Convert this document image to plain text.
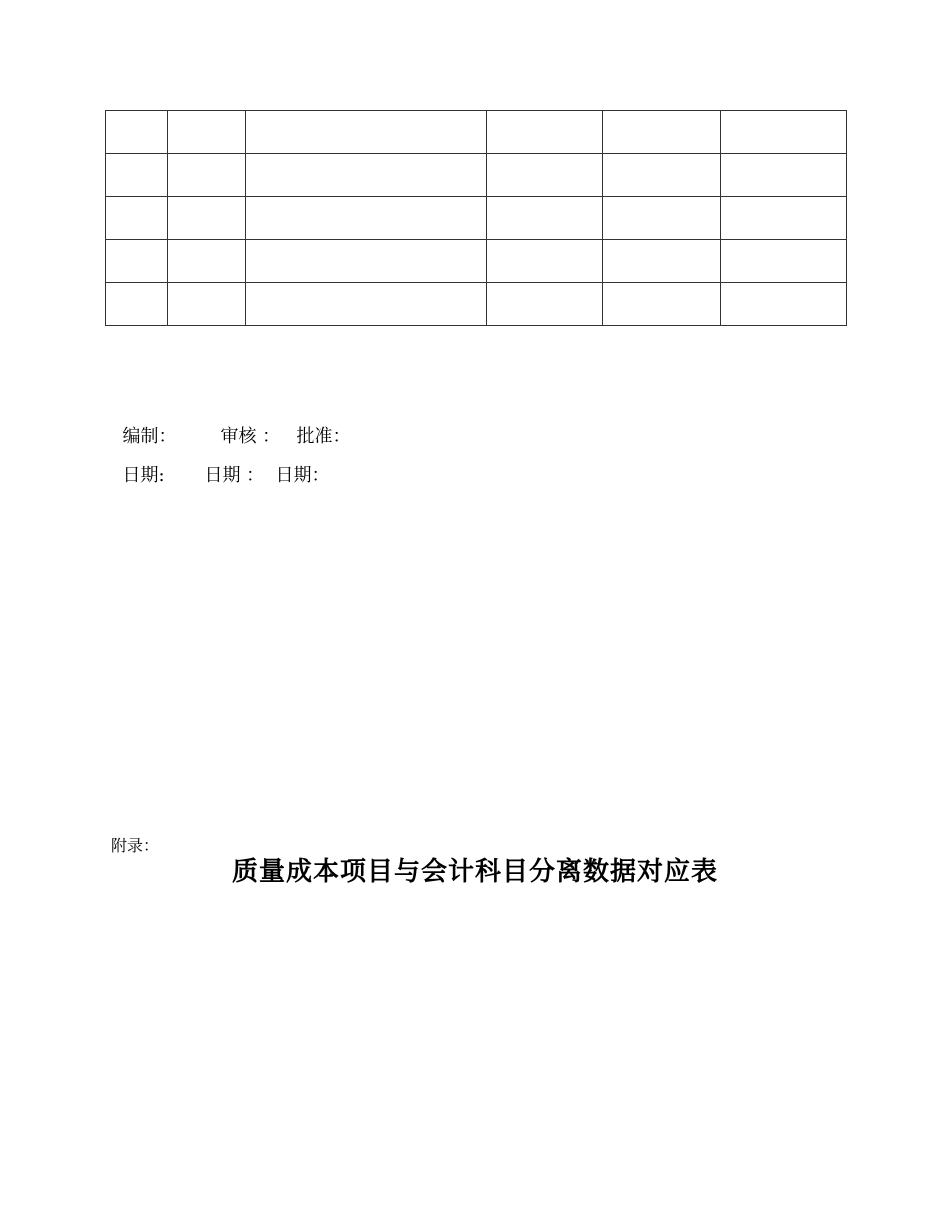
编制： 审核 ： 批准：

日期: 日期 ： 日期：

附录：
质量成本项目与会计科目分离数据对应表
